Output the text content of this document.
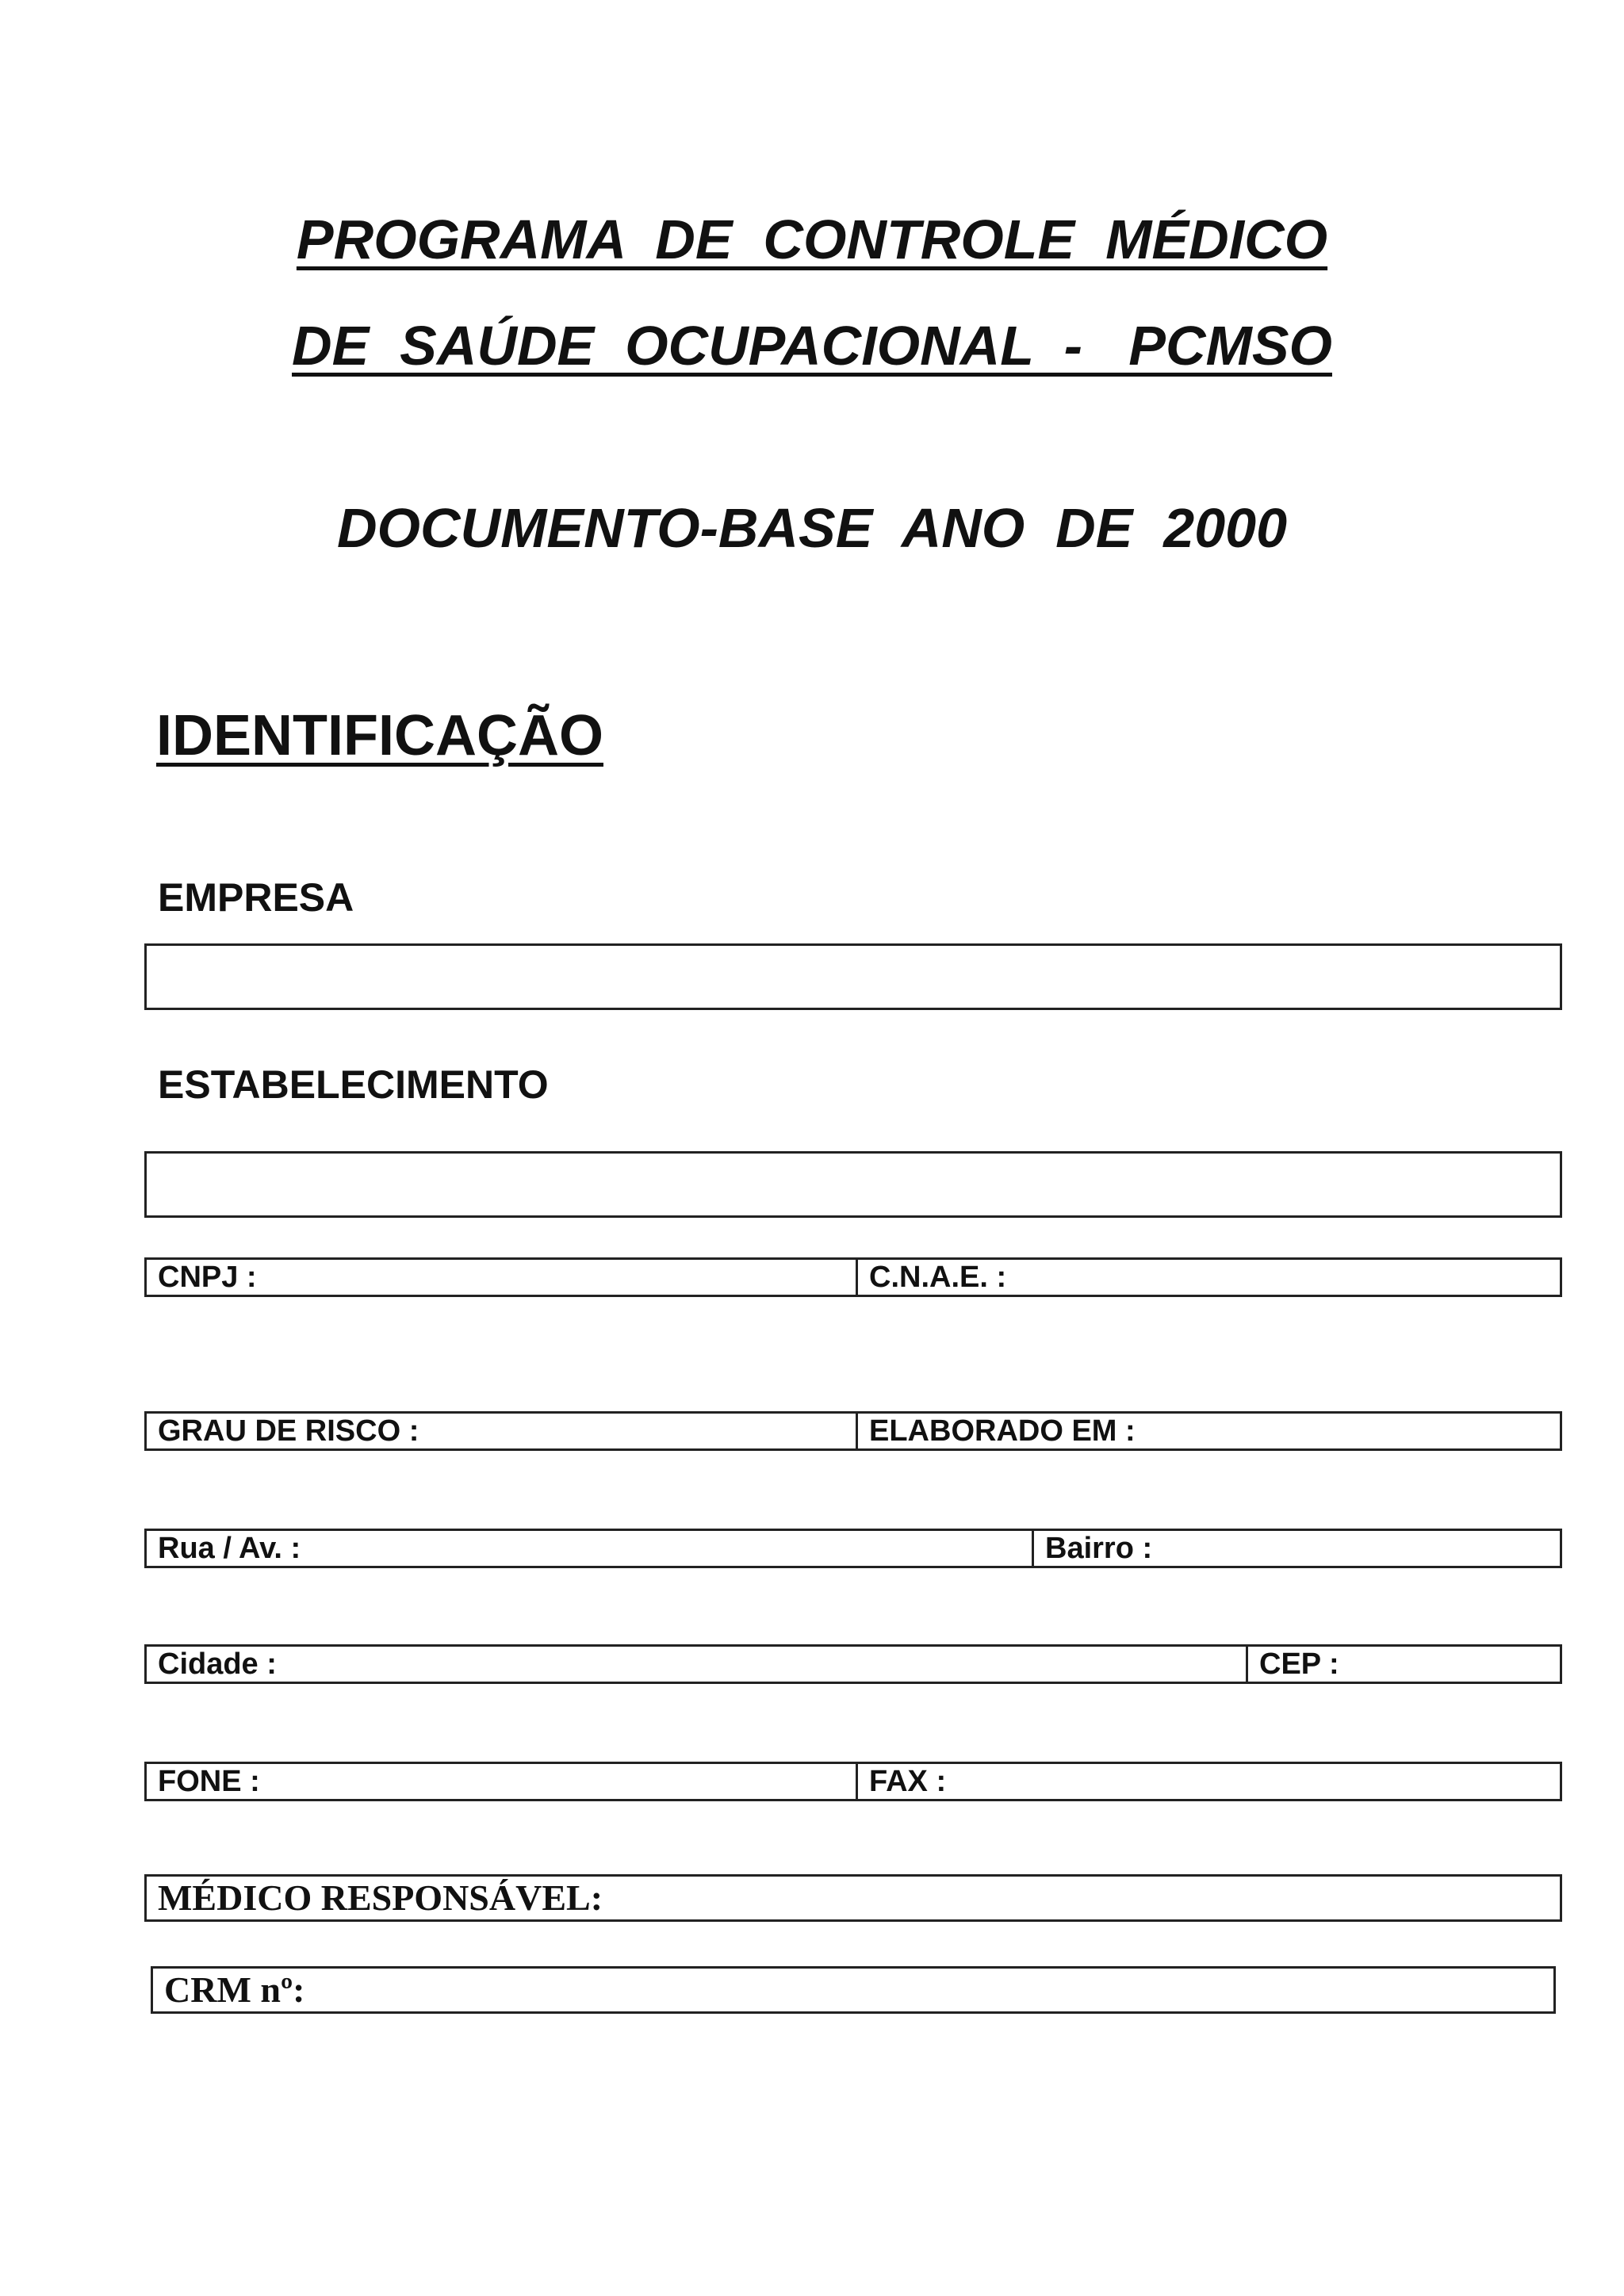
PROGRAMA  DE  CONTROLE  MÉDICO
DE  SAÚDE  OCUPACIONAL  -   PCMSO
DOCUMENTO-BASE  ANO  DE  2000
IDENTIFICAÇÃO
EMPRESA
ESTABELECIMENTO
CNPJ :	C.N.A.E. :
GRAU DE RISCO :	ELABORADO EM :
Rua / Av. :	Bairro :
Cidade :	CEP :
FONE :	FAX :
MÉDICO RESPONSÁVEL:
CRM nº:
